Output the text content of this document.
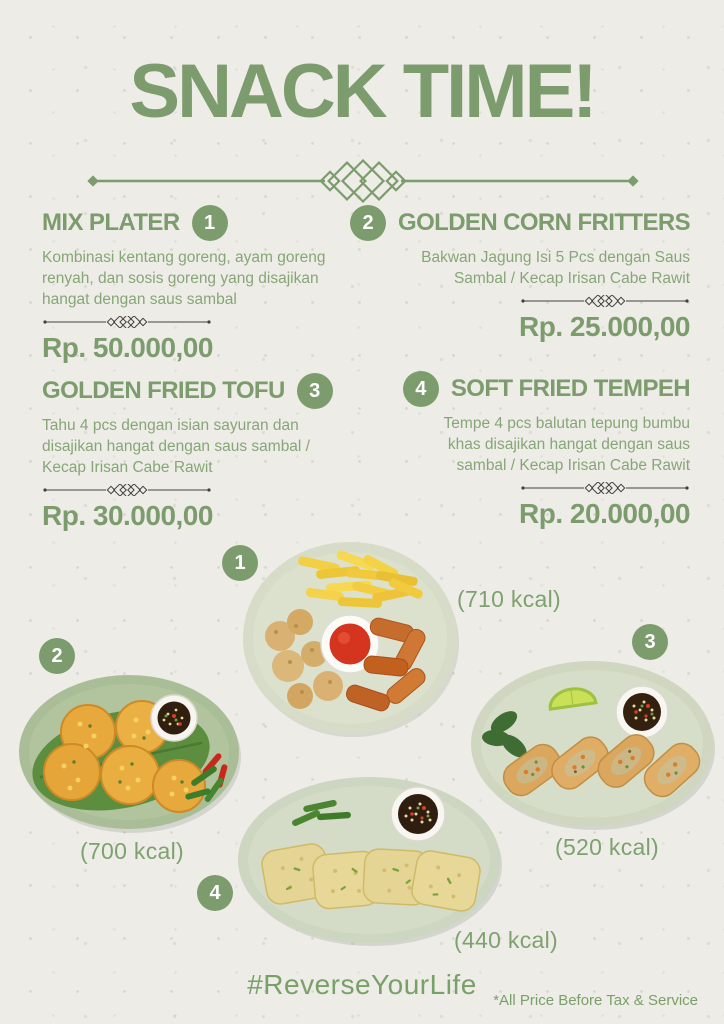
SNACK TIME!
MIX PLATER	1
Kombinasi kentang goreng, ayam goreng
renyah, dan sosis goreng yang disajikan
hangat dengan saus sambal
Rp. 50.000,00
2	GOLDEN CORN FRITTERS
Bakwan Jagung Isi 5 Pcs dengan Saus
Sambal / Kecap Irisan Cabe Rawit
Rp. 25.000,00
GOLDEN FRIED TOFU	3
Tahu 4 pcs dengan isian sayuran dan
disajikan hangat dengan saus sambal /
Kecap Irisan Cabe Rawit
Rp. 30.000,00
4	SOFT FRIED TEMPEH
Tempe 4 pcs balutan tepung bumbu
khas disajikan hangat dengan saus
sambal / Kecap Irisan Cabe Rawit
Rp. 20.000,00
1
2
3
4
(710 kcal)
(700 kcal)	(520 kcal)
(440 kcal)
#ReverseYourLife
*All Price Before Tax & Service
